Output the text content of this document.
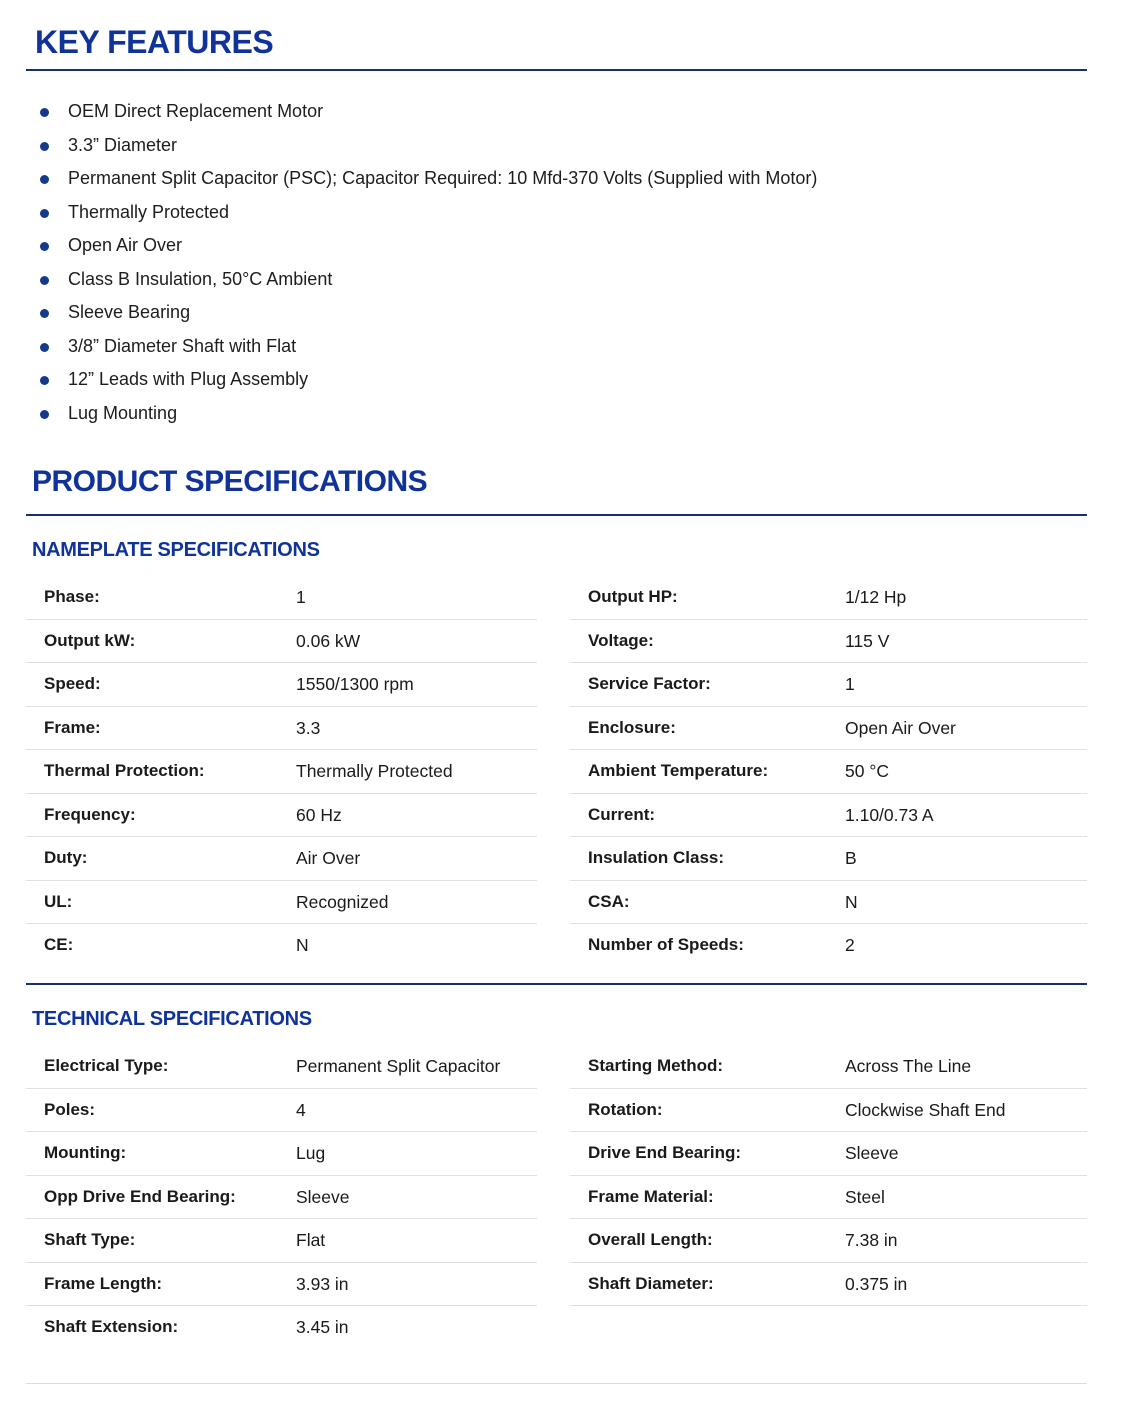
KEY FEATURES
OEM Direct Replacement Motor
3.3” Diameter
Permanent Split Capacitor (PSC); Capacitor Required: 10 Mfd-370 Volts (Supplied with Motor)
Thermally Protected
Open Air Over
Class B Insulation, 50°C Ambient
Sleeve Bearing
3/8” Diameter Shaft with Flat
12” Leads with Plug Assembly
Lug Mounting
PRODUCT SPECIFICATIONS
NAMEPLATE SPECIFICATIONS
Phase:	1
Output kW:	0.06 kW
Speed:	1550/1300 rpm
Frame:	3.3
Thermal Protection:	Thermally Protected
Frequency:	60 Hz
Duty:	Air Over
UL:	Recognized
CE:	N
Output HP:	1/12 Hp
Voltage:	115 V
Service Factor:	1
Enclosure:	Open Air Over
Ambient Temperature:	50 °C
Current:	1.10/0.73 A
Insulation Class:	B
CSA:	N
Number of Speeds:	2
TECHNICAL SPECIFICATIONS
Electrical Type:	Permanent Split Capacitor
Poles:	4
Mounting:	Lug
Opp Drive End Bearing:	Sleeve
Shaft Type:	Flat
Frame Length:	3.93 in
Shaft Extension:	3.45 in
Starting Method:	Across The Line
Rotation:	Clockwise Shaft End
Drive End Bearing:	Sleeve
Frame Material:	Steel
Overall Length:	7.38 in
Shaft Diameter:	0.375 in
